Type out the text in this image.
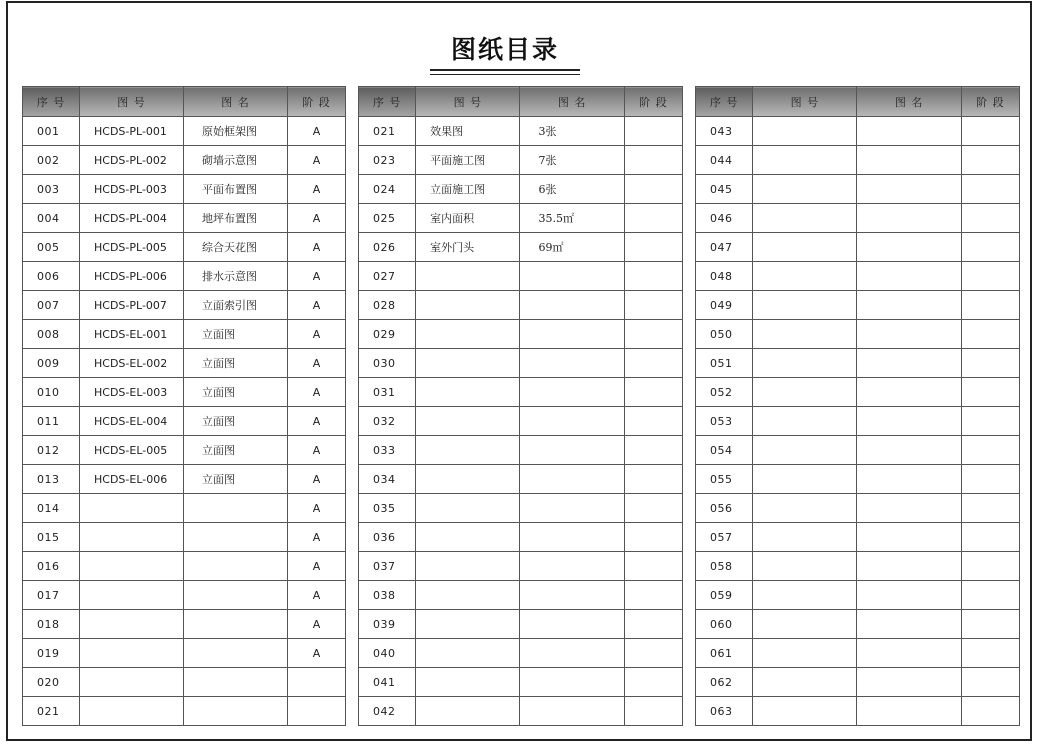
图纸目录
序 号	图 号	图 名	阶 段
001	HCDS-PL-001	原始框架图	A
002	HCDS-PL-002	砌墙示意图	A
003	HCDS-PL-003	平面布置图	A
004	HCDS-PL-004	地坪布置图	A
005	HCDS-PL-005	综合天花图	A
006	HCDS-PL-006	排水示意图	A
007	HCDS-PL-007	立面索引图	A
008	HCDS-EL-001	立面图	A
009	HCDS-EL-002	立面图	A
010	HCDS-EL-003	立面图	A
011	HCDS-EL-004	立面图	A
012	HCDS-EL-005	立面图	A
013	HCDS-EL-006	立面图	A
014			A
015			A
016			A
017			A
018			A
019			A
020			
021			
序 号	图 号	图 名	阶 段
021	效果图	3张	
023	平面施工图	7张	
024	立面施工图	6张	
025	室内面积	35.5㎡	
026	室外门头	69㎡	
027			
028			
029			
030			
031			
032			
033			
034			
035			
036			
037			
038			
039			
040			
041			
042			
序 号	图 号	图 名	阶 段
043			
044			
045			
046			
047			
048			
049			
050			
051			
052			
053			
054			
055			
056			
057			
058			
059			
060			
061			
062			
063			
